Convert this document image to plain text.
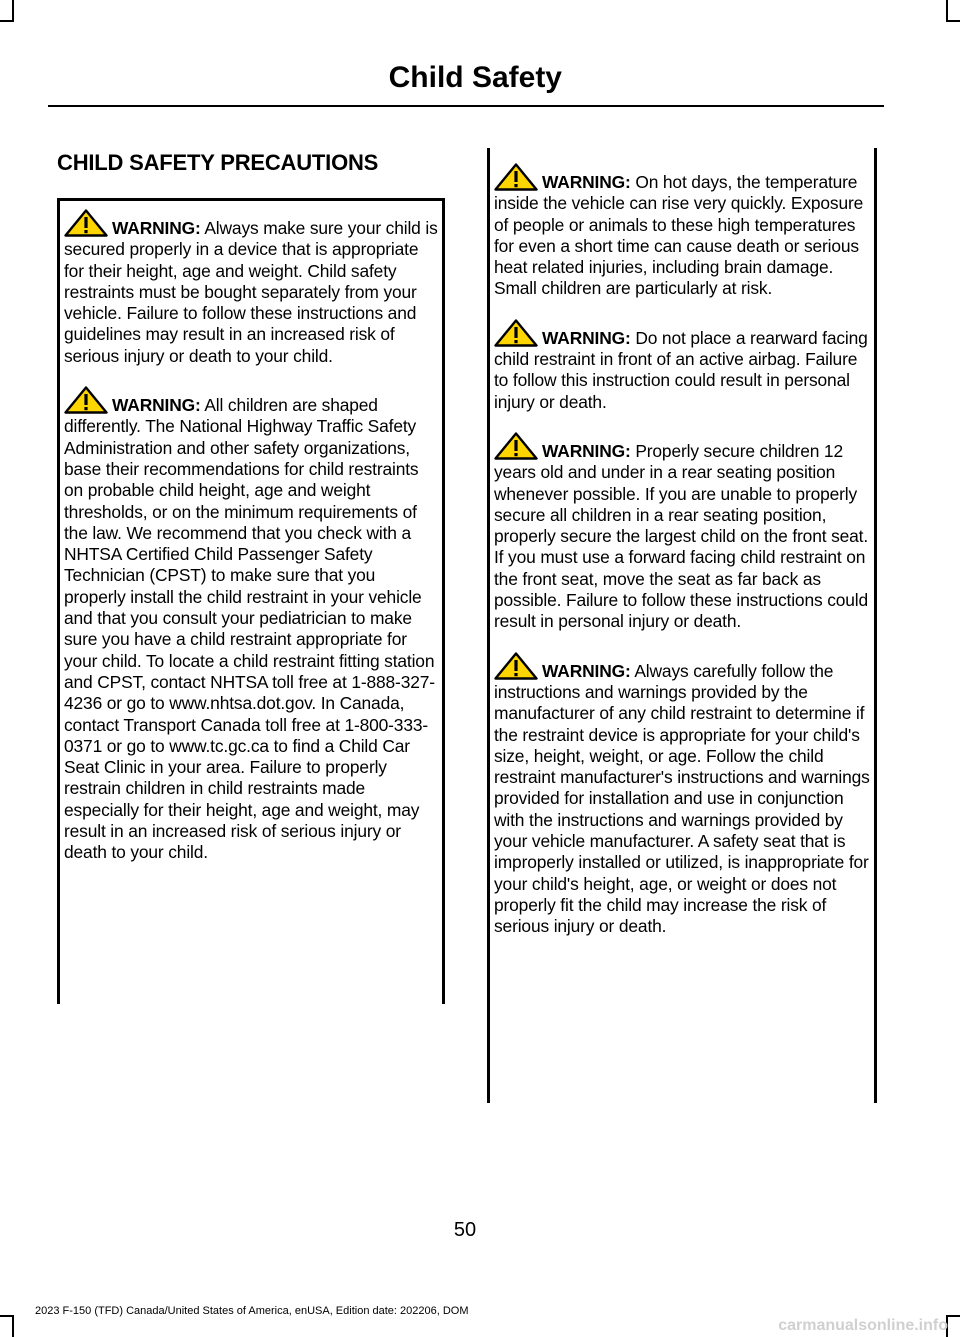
Child Safety
CHILD SAFETY PRECAUTIONS

WARNING: Always make sure your child is secured properly in a device that is appropriate for their height, age and weight. Child safety restraints must be bought separately from your vehicle. Failure to follow these instructions and guidelines may result in an increased risk of serious injury or death to your child.

WARNING: All children are shaped differently. The National Highway Traffic Safety Administration and other safety organizations, base their recommendations for child restraints on probable child height, age and weight thresholds, or on the minimum requirements of the law. We recommend that you check with a NHTSA Certified Child Passenger Safety Technician (CPST) to make sure that you properly install the child restraint in your vehicle and that you consult your pediatrician to make sure you have a child restraint appropriate for your child. To locate a child restraint fitting station and CPST, contact NHTSA toll free at 1-888-327-4236 or go to www.nhtsa.dot.gov. In Canada, contact Transport Canada toll free at 1-800-333-0371 or go to www.tc.gc.ca to find a Child Car Seat Clinic in your area. Failure to properly restrain children in child restraints made especially for their height, age and weight, may result in an increased risk of serious injury or death to your child.

WARNING: On hot days, the temperature inside the vehicle can rise very quickly. Exposure of people or animals to these high temperatures for even a short time can cause death or serious heat related injuries, including brain damage. Small children are particularly at risk.

WARNING: Do not place a rearward facing child restraint in front of an active airbag. Failure to follow this instruction could result in personal injury or death.

WARNING: Properly secure children 12 years old and under in a rear seating position whenever possible. If you are unable to properly secure all children in a rear seating position, properly secure the largest child on the front seat. If you must use a forward facing child restraint on the front seat, move the seat as far back as possible. Failure to follow these instructions could result in personal injury or death.

WARNING: Always carefully follow the instructions and warnings provided by the manufacturer of any child restraint to determine if the restraint device is appropriate for your child's size, height, weight, or age. Follow the child restraint manufacturer's instructions and warnings provided for installation and use in conjunction with the instructions and warnings provided by your vehicle manufacturer. A safety seat that is improperly installed or utilized, is inappropriate for your child's height, age, or weight or does not properly fit the child may increase the risk of serious injury or death.

50
2023 F-150 (TFD) Canada/United States of America, enUSA, Edition date: 202206, DOM
carmanualsonline.info
